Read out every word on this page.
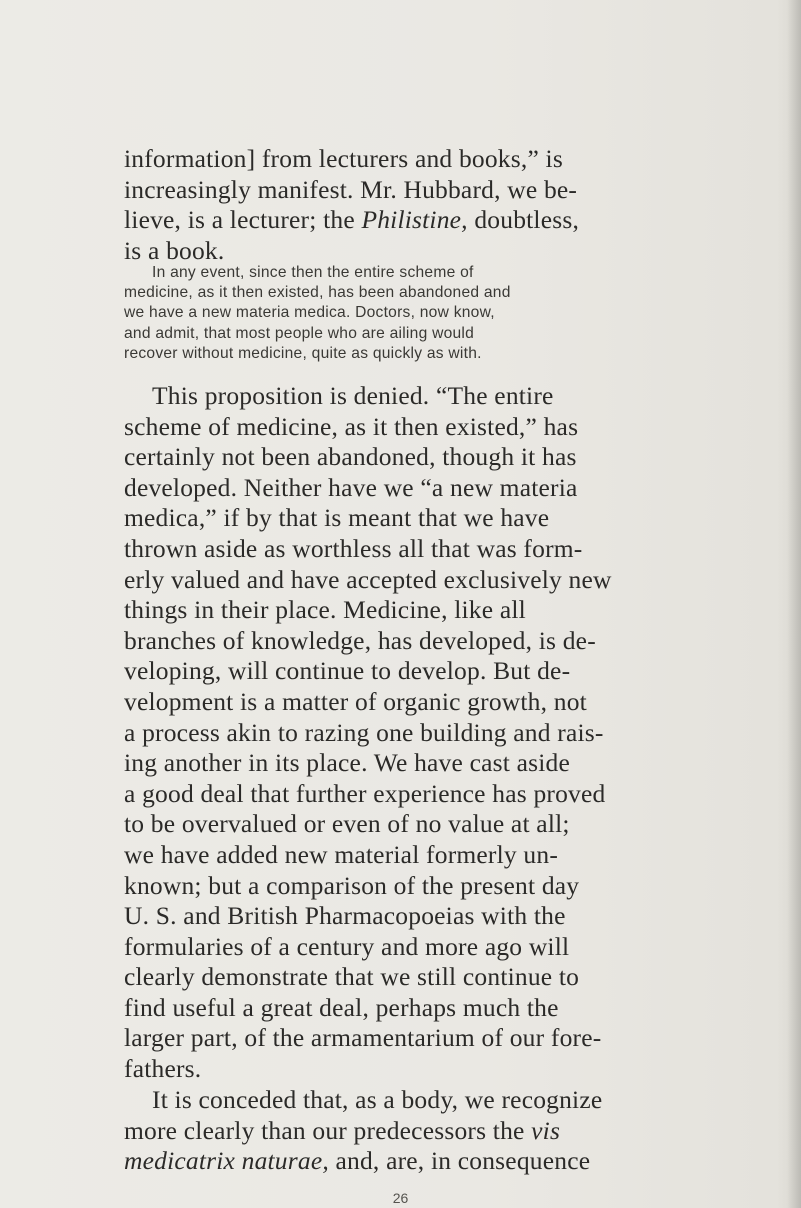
information] from lecturers and books,” is
increasingly manifest. Mr. Hubbard, we be-
lieve, is a lecturer; the Philistine, doubtless,
is a book.

In any event, since then the entire scheme of
medicine, as it then existed, has been abandoned and
we have a new materia medica. Doctors, now know,
and admit, that most people who are ailing would
recover without medicine, quite as quickly as with.

This proposition is denied. “The entire
scheme of medicine, as it then existed,” has
certainly not been abandoned, though it has
developed. Neither have we “a new materia
medica,” if by that is meant that we have
thrown aside as worthless all that was form-
erly valued and have accepted exclusively new
things in their place. Medicine, like all
branches of knowledge, has developed, is de-
veloping, will continue to develop. But de-
velopment is a matter of organic growth, not
a process akin to razing one building and rais-
ing another in its place. We have cast aside
a good deal that further experience has proved
to be overvalued or even of no value at all;
we have added new material formerly un-
known; but a comparison of the present day
U. S. and British Pharmacopoeias with the
formularies of a century and more ago will
clearly demonstrate that we still continue to
find useful a great deal, perhaps much the
larger part, of the armamentarium of our fore-
fathers.

It is conceded that, as a body, we recognize
more clearly than our predecessors the vis
medicatrix naturae, and, are, in consequence

26
